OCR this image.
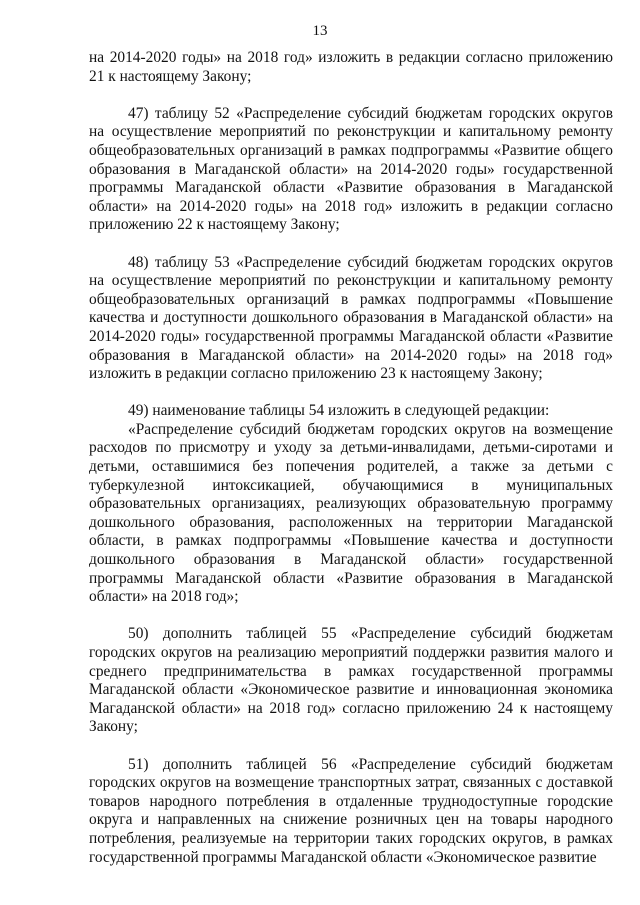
13

на 2014-2020 годы» на 2018 год» изложить в редакции согласно приложению 21 к настоящему Закону;

47) таблицу 52 «Распределение субсидий бюджетам городских округов на осуществление мероприятий по реконструкции и капитальному ремонту общеобразовательных организаций в рамках подпрограммы «Развитие общего образования в Магаданской области» на 2014-2020 годы» государственной программы Магаданской области «Развитие образования в Магаданской области» на 2014-2020 годы» на 2018 год» изложить в редакции согласно приложению 22 к настоящему Закону;

48) таблицу 53 «Распределение субсидий бюджетам городских округов на осуществление мероприятий по реконструкции и капитальному ремонту общеобразовательных организаций в рамках подпрограммы «Повышение качества и доступности дошкольного образования в Магаданской области» на 2014-2020 годы» государственной программы Магаданской области «Развитие образования в Магаданской области» на 2014-2020 годы» на 2018 год» изложить в редакции согласно приложению 23 к настоящему Закону;

49) наименование таблицы 54 изложить в следующей редакции:

«Распределение субсидий бюджетам городских округов на возмещение расходов по присмотру и уходу за детьми-инвалидами, детьми-сиротами и детьми, оставшимися без попечения родителей, а также за детьми с туберкулезной интоксикацией, обучающимися в муниципальных образовательных организациях, реализующих образовательную программу дошкольного образования, расположенных на территории Магаданской области, в рамках подпрограммы «Повышение качества и доступности дошкольного образования в Магаданской области» государственной программы Магаданской области «Развитие образования в Магаданской области» на 2018 год»;

50) дополнить таблицей 55 «Распределение субсидий бюджетам городских округов на реализацию мероприятий поддержки развития малого и среднего предпринимательства в рамках государственной программы Магаданской области «Экономическое развитие и инновационная экономика Магаданской области» на 2018 год» согласно приложению 24 к настоящему Закону;

51) дополнить таблицей 56 «Распределение субсидий бюджетам городских округов на возмещение транспортных затрат, связанных с доставкой товаров народного потребления в отдаленные труднодоступные городские округа и направленных на снижение розничных цен на товары народного потребления, реализуемые на территории таких городских округов, в рамках государственной программы Магаданской области «Экономическое развитие
